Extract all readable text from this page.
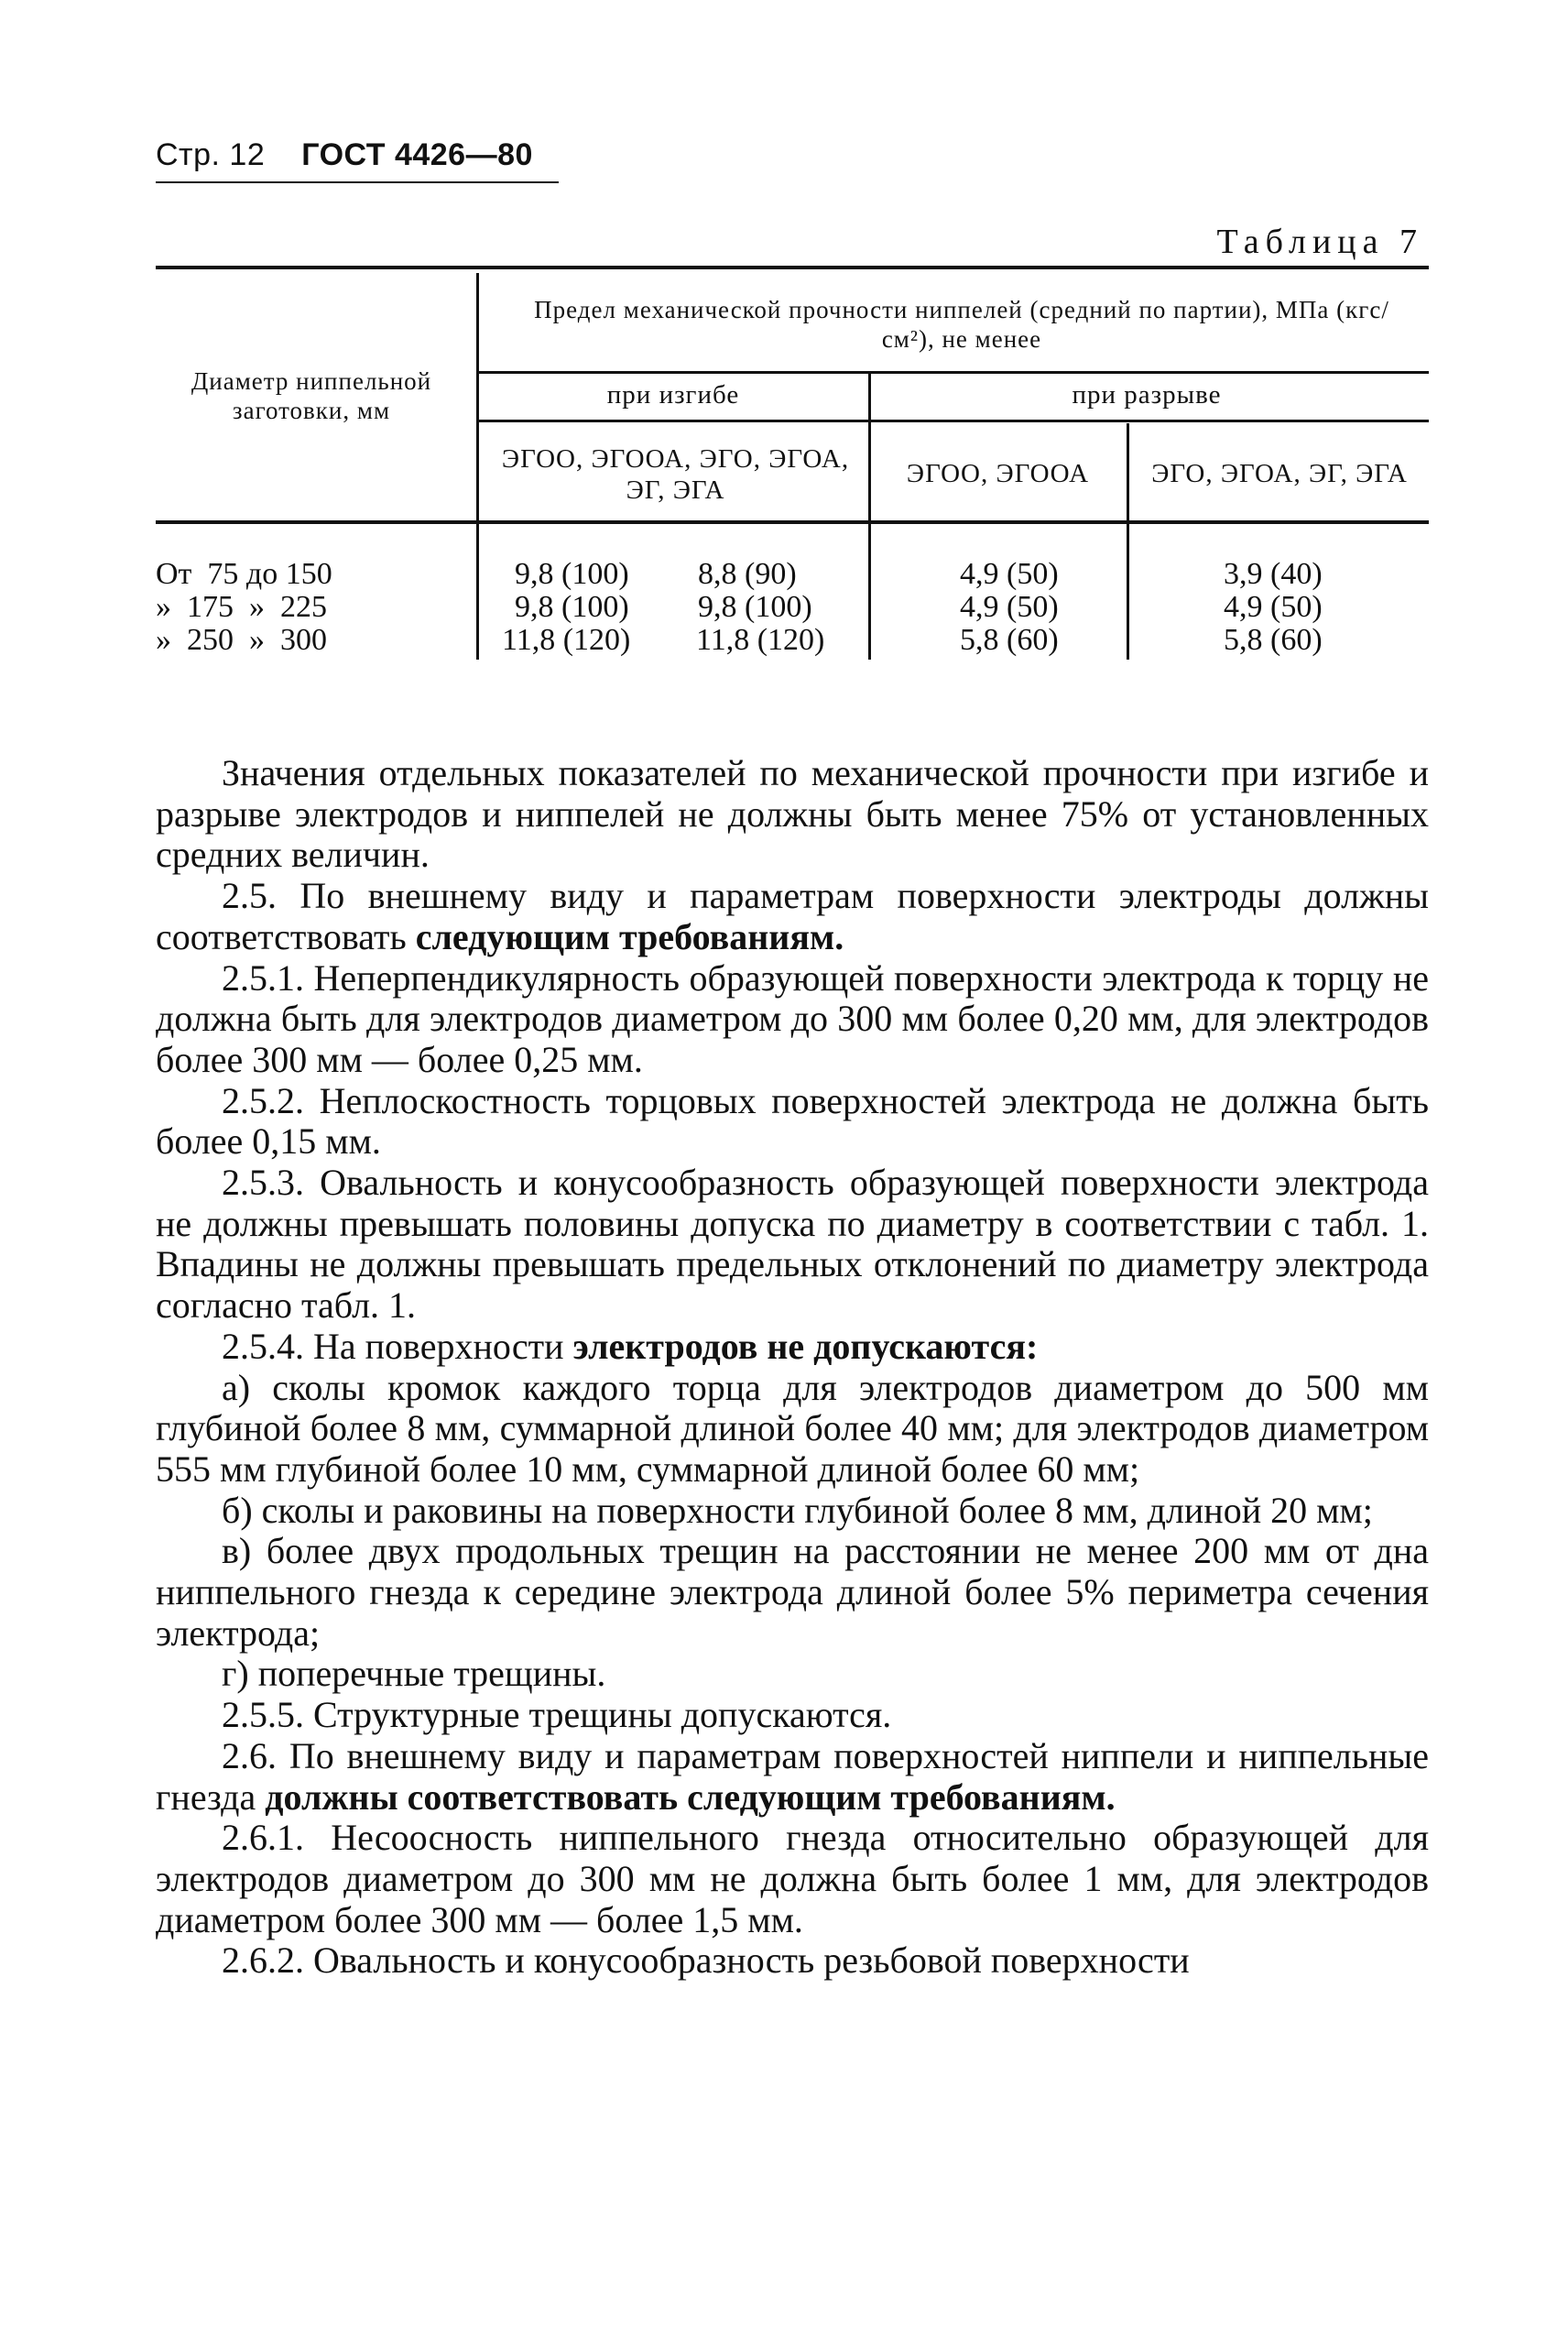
Стр. 12 ГОСТ 4426—80
Таблица 7
Диаметр ниппельной заготовки, мм
Предел механической прочности ниппелей (средний по партии), МПа (кгс/см²), не менее
при изгибе	при разрыве
ЭГОО, ЭГООА, ЭГО, ЭГОА, ЭГ, ЭГА
ЭГОО, ЭГООА	ЭГО, ЭГОА, ЭГ, ЭГА
От  75 до 150	9,8 (100) 8,8 (90)	4,9 (50)	3,9 (40)
»  175  »  225	9,8 (100) 9,8 (100)	4,9 (50)	4,9 (50)
»  250  »  300	11,8 (120) 11,8 (120)	5,8 (60)	5,8 (60)

Значения отдельных показателей по механической прочности при изгибе и разрыве электродов и ниппелей не должны быть менее 75% от установленных средних величин.

2.5. По внешнему виду и параметрам поверхности электроды должны соответствовать следующим требованиям.

2.5.1. Неперпендикулярность образующей поверхности электрода к торцу не должна быть для электродов диаметром до 300 мм более 0,20 мм, для электродов более 300 мм — более 0,25 мм.

2.5.2. Неплоскостность торцовых поверхностей электрода не должна быть более 0,15 мм.

2.5.3. Овальность и конусообразность образующей поверхности электрода не должны превышать половины допуска по диаметру в соответствии с табл. 1. Впадины не должны превышать предельных отклонений по диаметру электрода согласно табл. 1.

2.5.4. На поверхности электродов не допускаются:

а) сколы кромок каждого торца для электродов диаметром до 500 мм глубиной более 8 мм, суммарной длиной более 40 мм; для электродов диаметром 555 мм глубиной более 10 мм, суммарной длиной более 60 мм;

б) сколы и раковины на поверхности глубиной более 8 мм, длиной 20 мм;

в) более двух продольных трещин на расстоянии не менее 200 мм от дна ниппельного гнезда к середине электрода длиной более 5% периметра сечения электрода;

г) поперечные трещины.

2.5.5. Структурные трещины допускаются.

2.6. По внешнему виду и параметрам поверхностей ниппели и ниппельные гнезда должны соответствовать следующим требованиям.

2.6.1. Несоосность ниппельного гнезда относительно образующей для электродов диаметром до 300 мм не должна быть более 1 мм, для электродов диаметром более 300 мм — более 1,5 мм.

2.6.2. Овальность и конусообразность резьбовой поверхности
